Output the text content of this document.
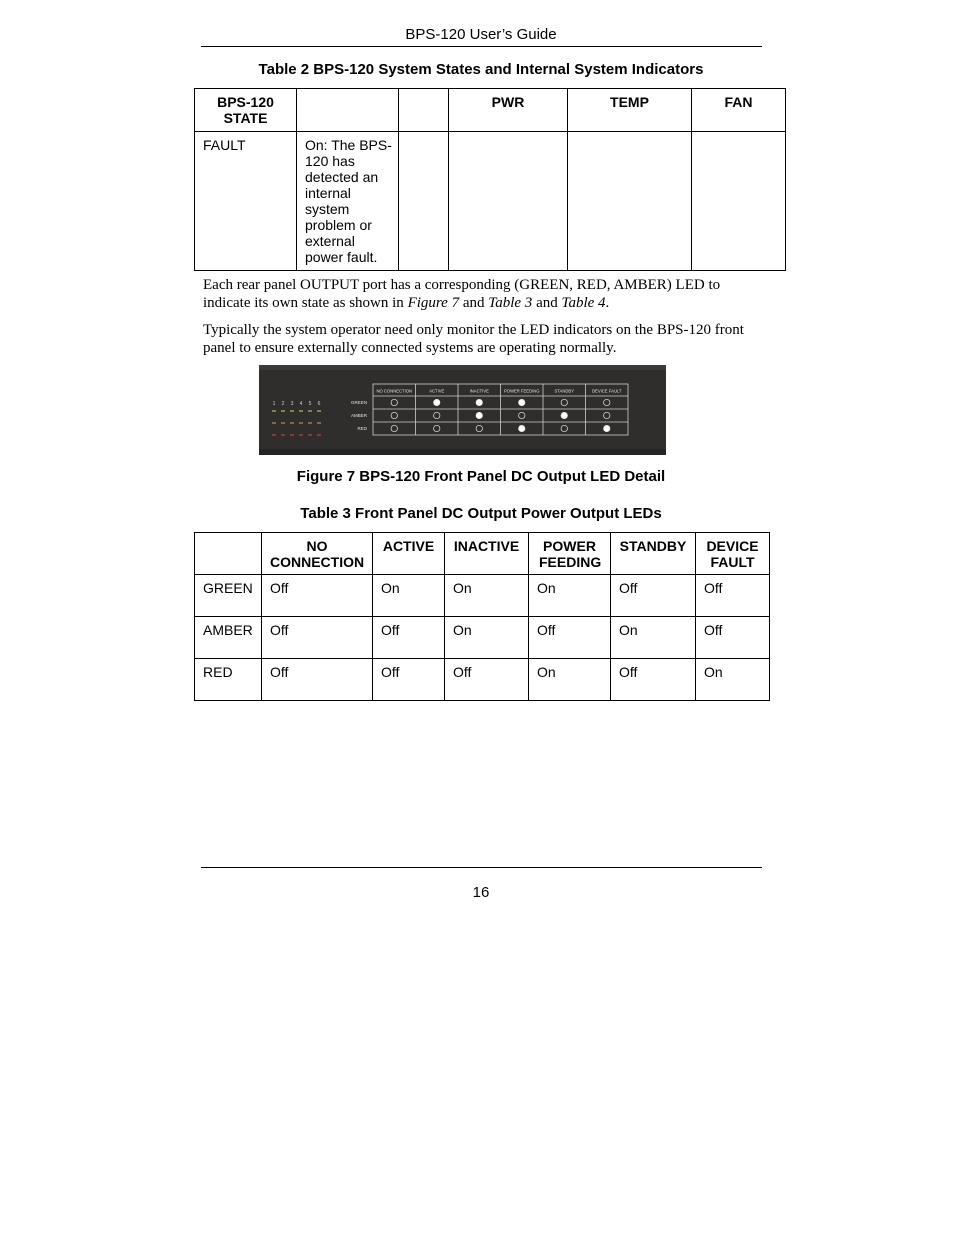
BPS-120 User’s Guide
Table 2 BPS-120 System States and Internal System Indicators
BPS-120 STATE			PWR	TEMP	FAN
FAULT	On: The BPS-120 has detected an internal system problem or external power fault.				
Each rear panel OUTPUT port has a corresponding (GREEN, RED, AMBER) LED to indicate its own state as shown in Figure 7 and Table 3 and Table 4.
Typically the system operator need only monitor the LED indicators on the BPS-120 front panel to ensure externally connected systems are operating normally.
1 2 3 4 5 6	GREEN
AMBER
RED
NO CONNECTION	ACTIVE	INACTIVE	POWER FEEDING	STANDBY	DEVICE FAULT
Figure 7 BPS-120 Front Panel DC Output LED Detail
Table 3 Front Panel DC Output Power Output LEDs
	NO CONNECTION	ACTIVE	INACTIVE	POWER FEEDING	STANDBY	DEVICE FAULT
GREEN	Off	On	On	On	Off	Off
AMBER	Off	Off	On	Off	On	Off
RED	Off	Off	Off	On	Off	On
16
